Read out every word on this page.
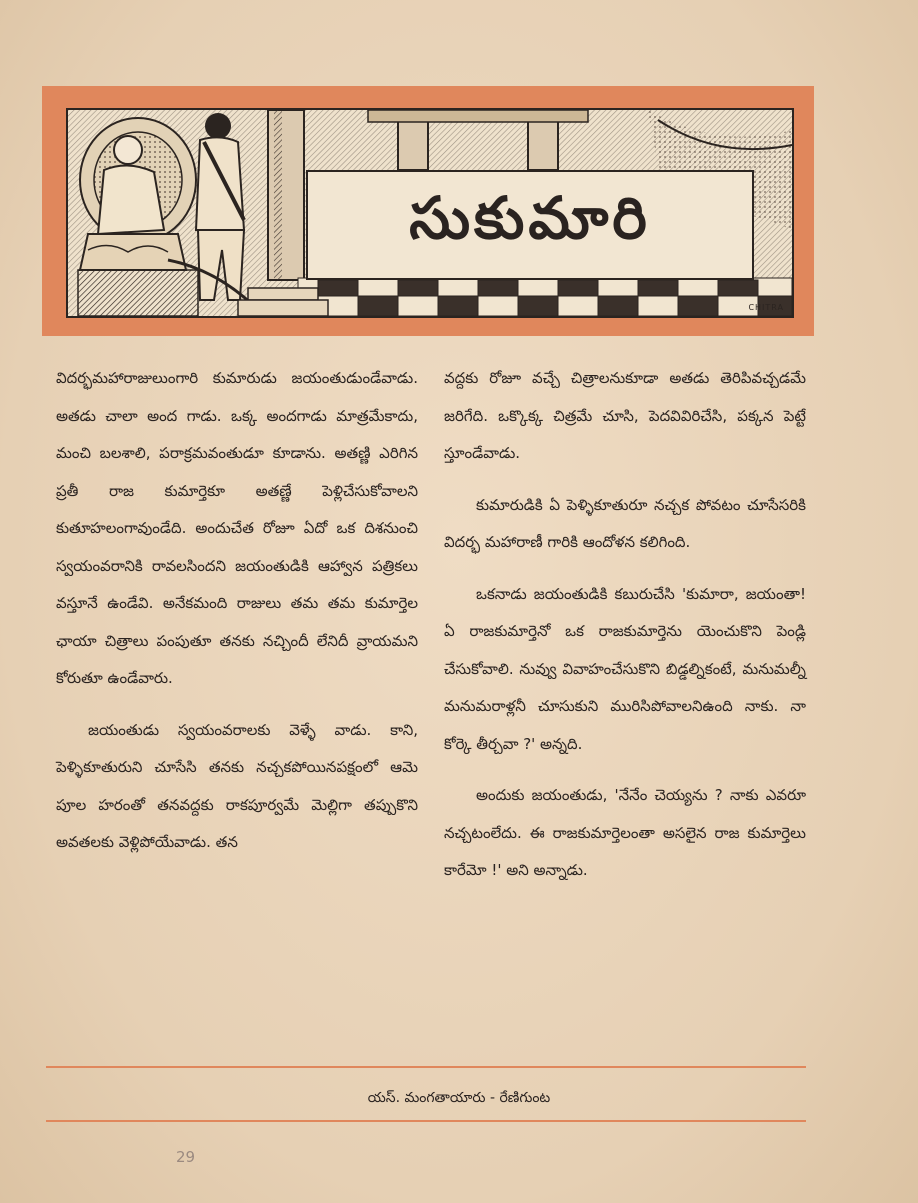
సుకుమారి
CHITRA

విదర్భమహారాజులుంగారి కుమారుడు జయంతుడుండేవాడు. అతడు చాలా అంద గాడు. ఒక్క అందగాడు మాత్రమేకాదు, మంచి బలశాలి, పరాక్రమవంతుడూ కూడాను. అతణ్ణి ఎరిగిన ప్రతీ రాజ కుమార్తెకూ అతణ్ణే పెళ్లిచేసుకోవాలని కుతూహలంగావుండేది. అందుచేత రోజూ ఏదో ఒక దిశనుంచి స్వయంవరానికి రావలసిందని జయంతుడికి ఆహ్వాన పత్రికలు వస్తూనే ఉండేవి. అనేకమంది రాజులు తమ తమ కుమార్తెల ఛాయా చిత్రాలు పంపుతూ తనకు నచ్చిందీ లేనిదీ వ్రాయమని కోరుతూ ఉండేవారు.

జయంతుడు స్వయంవరాలకు వెళ్ళే వాడు. కాని, పెళ్ళికూతురుని చూసేసి తనకు నచ్చకపోయినపక్షంలో ఆమె పూల హరంతో తనవద్దకు రాకపూర్వమే మెల్లిగా తప్పుకొని అవతలకు వెళ్లిపోయేవాడు. తన

వద్దకు రోజూ వచ్చే చిత్రాలనుకూడా అతడు తెరిపివచ్చడమే జరిగేది. ఒక్కొక్క చిత్రమే చూసి, పెదవివిరిచేసి, పక్కన పెట్టే స్తూండేవాడు.

కుమారుడికి ఏ పెళ్ళికూతురూ నచ్చక పోవటం చూసేసరికి విదర్భ మహారాణీ గారికి ఆందోళన కలిగింది.

ఒకనాడు జయంతుడికి కబురుచేసి 'కుమారా, జయంతా! ఏ రాజకుమార్తెనో ఒక రాజకుమార్తెను యెంచుకొని పెండ్లి చేసుకోవాలి. నువ్వు వివాహంచేసుకొని బిడ్డల్నికంటే, మనుమల్నీ మనుమరాళ్లనీ చూసుకుని మురిసిపోవాలనిఉంది నాకు. నా కోర్కె తీర్చవా ?' అన్నది.

అందుకు జయంతుడు, 'నేనేం చెయ్యను ? నాకు ఎవరూ నచ్చటంలేదు. ఈ రాజకుమార్తెలంతా అసలైన రాజ కుమార్తెలు కారేమో !' అని అన్నాడు.

యస్. మంగతాయారు - రేణిగుంట
29
